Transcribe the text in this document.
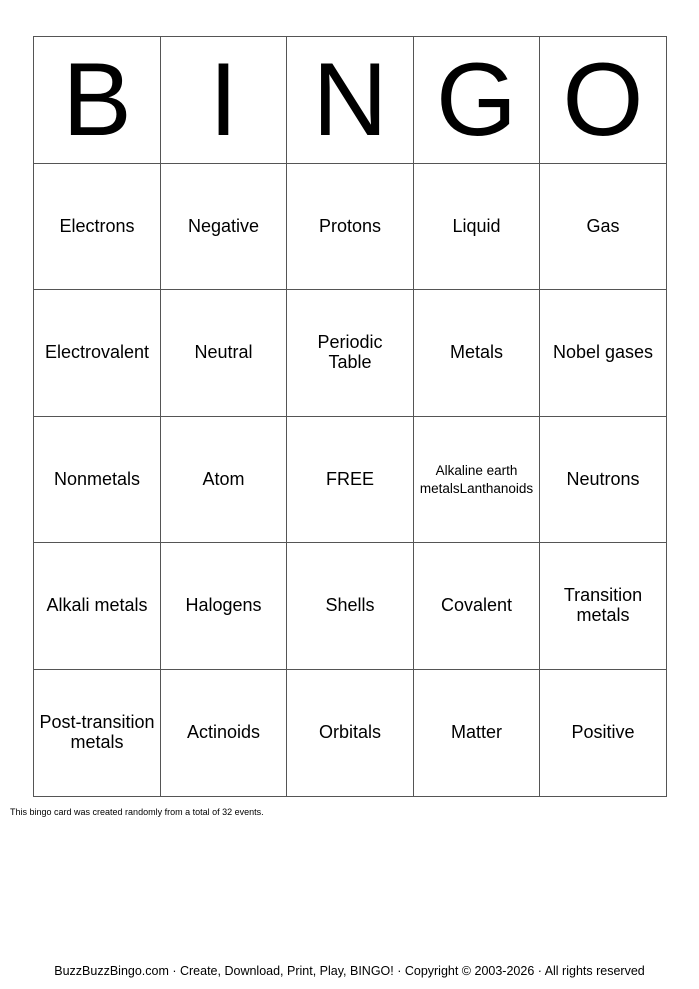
B	I	N	G	O
Electrons	Negative	Protons	Liquid	Gas
Electrovalent	Neutral	Periodic Table	Metals	Nobel gases
Nonmetals	Atom	FREE	Alkaline earth metalsLanthanoids	Neutrons
Alkali metals	Halogens	Shells	Covalent	Transition metals
Post-transition metals	Actinoids	Orbitals	Matter	Positive
This bingo card was created randomly from a total of 32 events.
BuzzBuzzBingo.com · Create, Download, Print, Play, BINGO! · Copyright © 2003-2026 · All rights reserved
